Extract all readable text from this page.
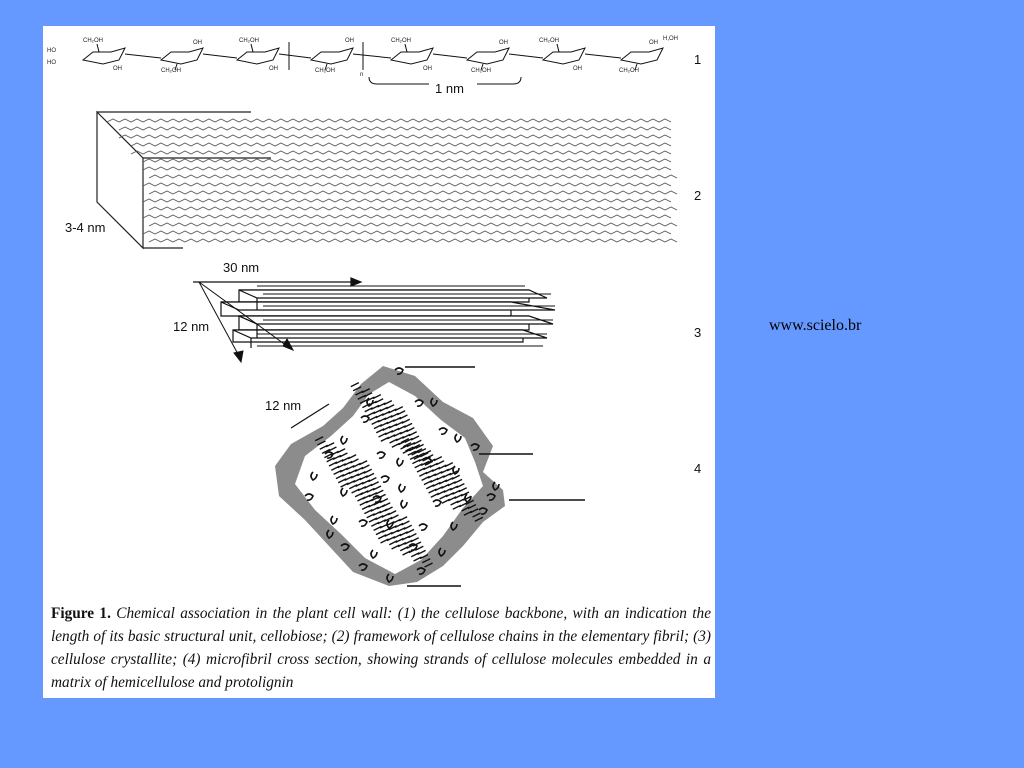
HO
HO
CH₂OH	CH₂OH
CH₂OH	CH₂OH
CH₂OH
CH₂OH
CH₂OH
CH₂OH
OH
OH
OH
OH
OH
OH
OH
OH
H,OH
n
1 nm
3-4 nm
30 nm
12 nm
12 nm
1
2
3
4
Figure 1. Chemical association in the plant cell wall: (1) the cellulose backbone, with an indication the length of its basic structural unit, cellobiose; (2) framework of cellulose chains in the elementary fibril; (3) cellulose crystallite; (4) microfibril cross section, showing strands of cellulose molecules embedded in a matrix of hemicellulose and protolignin
www.scielo.br
